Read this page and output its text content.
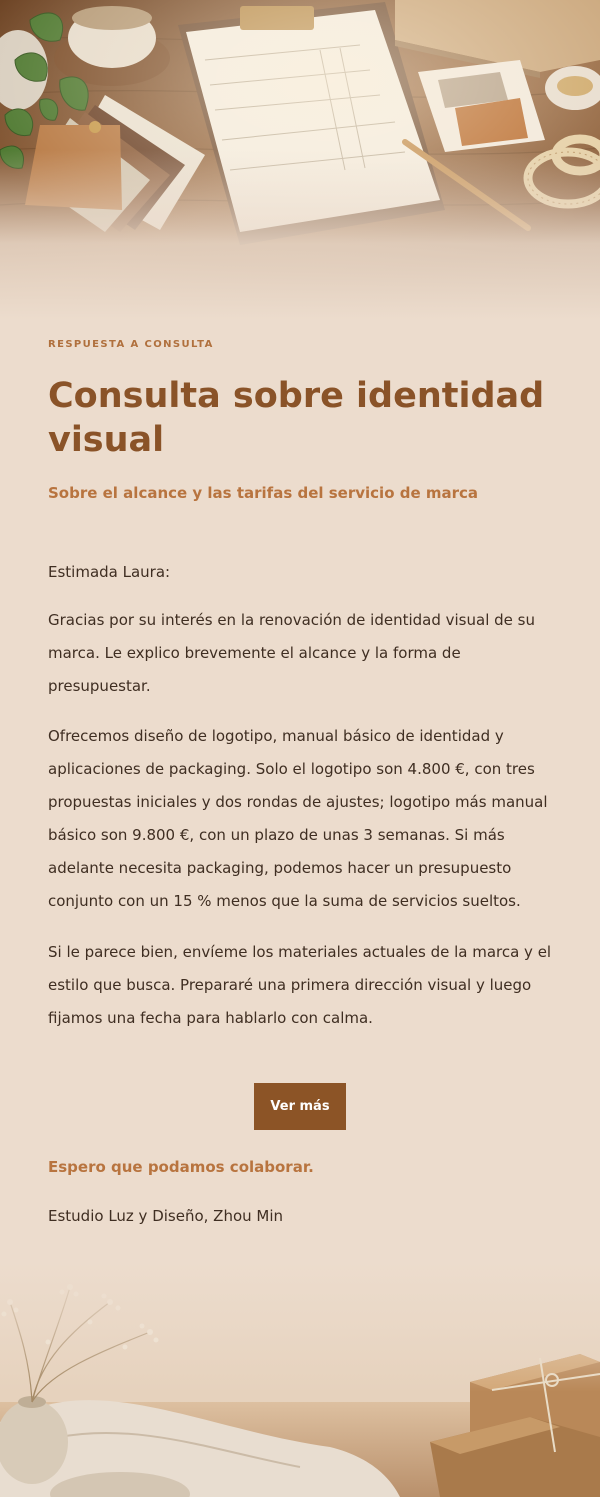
RESPUESTA A CONSULTA
Consulta sobre identidad visual

Sobre el alcance y las tarifas del servicio de marca

Estimada Laura:

Gracias por su interés en la renovación de identidad visual de su marca. Le explico brevemente el alcance y la forma de presupuestar.

Ofrecemos diseño de logotipo, manual básico de identidad y aplicaciones de packaging. Solo el logotipo son 4.800 €, con tres propuestas iniciales y dos rondas de ajustes; logotipo más manual básico son 9.800 €, con un plazo de unas 3 semanas. Si más adelante necesita packaging, podemos hacer un presupuesto conjunto con un 15 % menos que la suma de servicios sueltos.

Si le parece bien, envíeme los materiales actuales de la marca y el estilo que busca. Prepararé una primera dirección visual y luego fijamos una fecha para hablarlo con calma.

Ver más

Espero que podamos colaborar.

Estudio Luz y Diseño, Zhou Min
